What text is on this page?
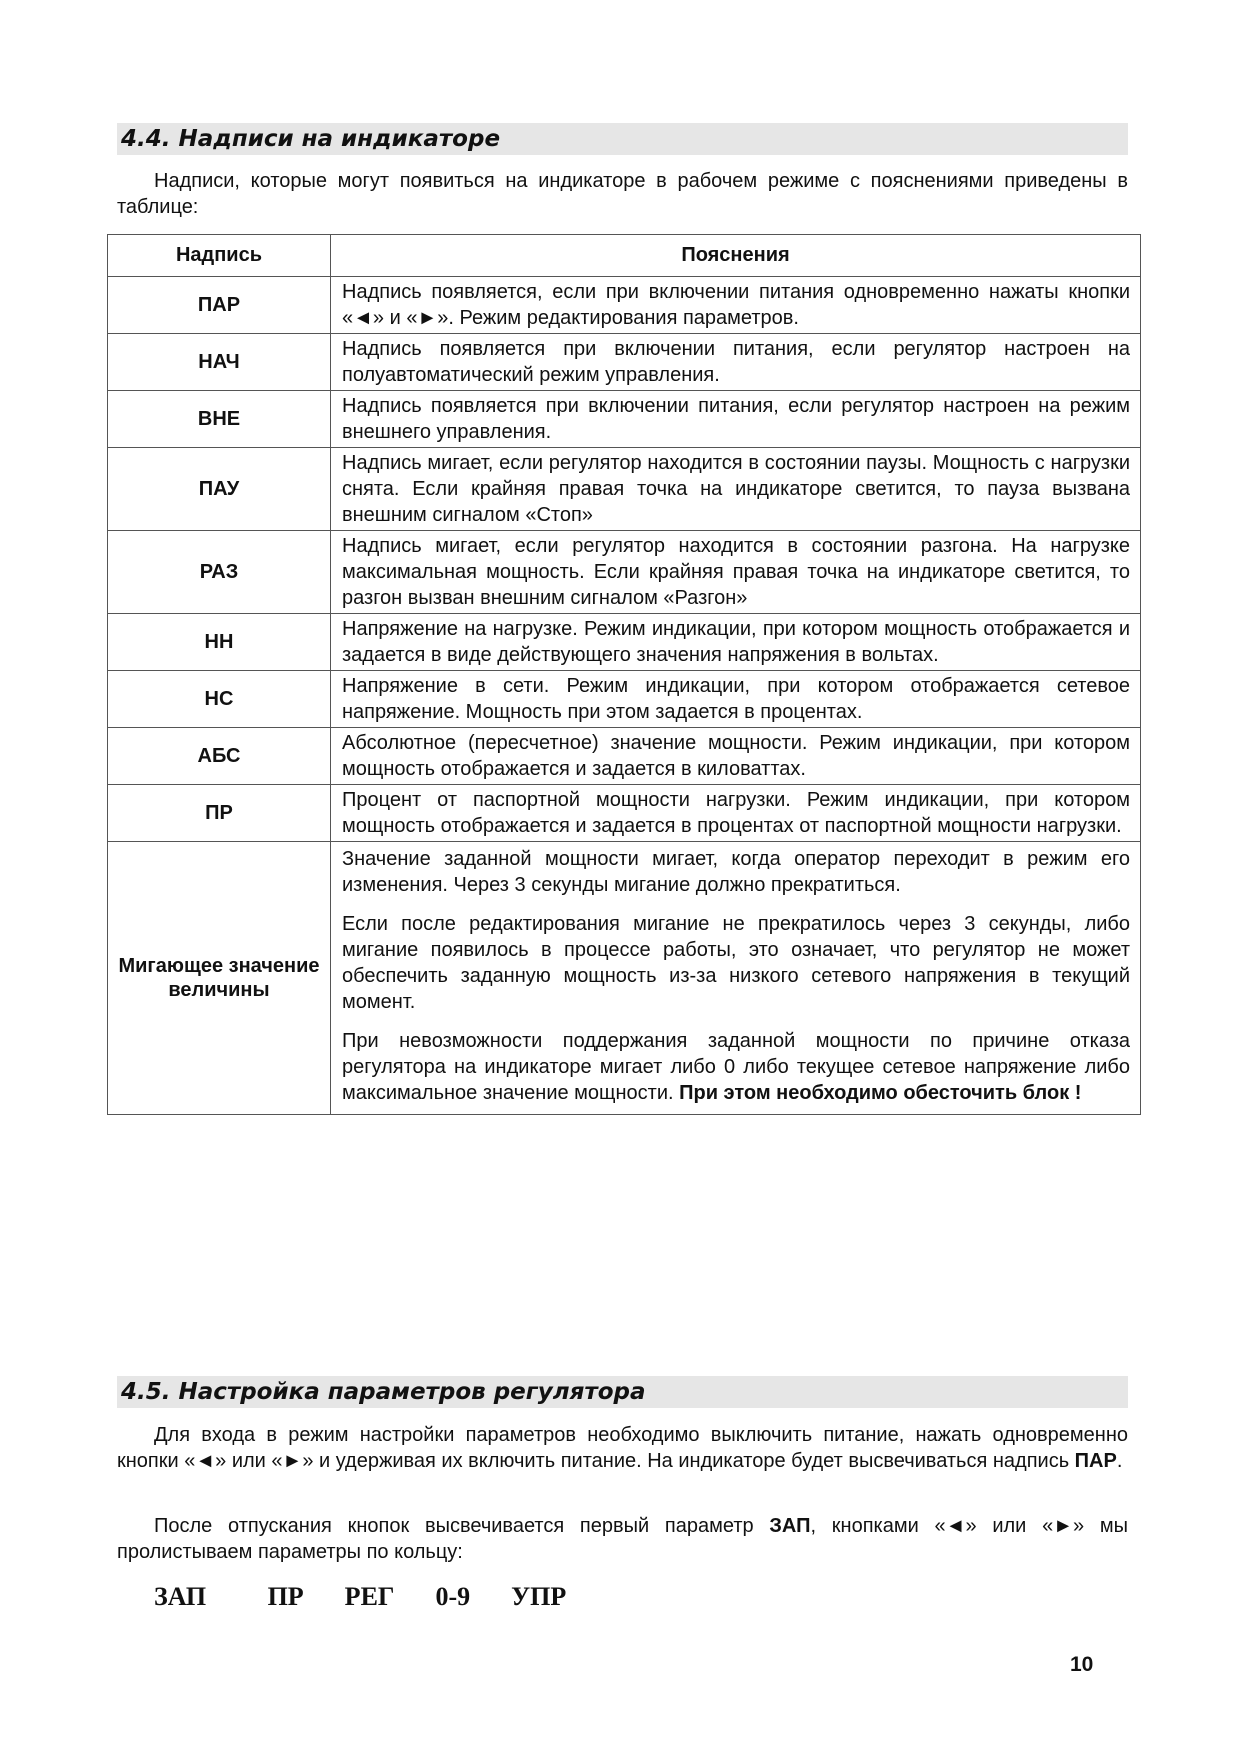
4.4. Надписи на индикаторе

Надписи, которые могут появиться на индикаторе в рабочем режиме с пояснениями приведены в таблице:

Надпись	Пояснения
ПАР	Надпись появляется, если при включении питания одновременно нажаты кнопки «◄» и «►». Режим редактирования параметров.

НАЧ	Надпись появляется при включении питания, если регулятор настроен на полуавтоматический режим управления.

ВНЕ	Надпись появляется при включении питания, если регулятор настроен на режим внешнего управления.

ПАУ	Надпись мигает, если регулятор находится в состоянии паузы. Мощность с нагрузки снята. Если крайняя правая точка на индикаторе светится, то пауза вызвана внешним сигналом «Стоп»

РАЗ	Надпись мигает, если регулятор находится в состоянии разгона. На нагрузке максимальная мощность. Если крайняя правая точка на индикаторе светится, то разгон вызван внешним сигналом «Разгон»

НН	Напряжение на нагрузке. Режим индикации, при котором мощность отображается и задается в виде действующего значения напряжения в вольтах.

НС	Напряжение в сети. Режим индикации, при котором отображается сетевое напряжение. Мощность при этом задается в процентах.

АБС	Абсолютное (пересчетное) значение мощности. Режим индикации, при котором мощность отображается и задается в киловаттах.

ПР	Процент от паспортной мощности нагрузки. Режим индикации, при котором мощность отображается и задается в процентах от паспортной мощности нагрузки.

Мигающее значение величины	Значение заданной мощности мигает, когда оператор переходит в режим его изменения. Через 3 секунды мигание должно прекратиться.

Если после редактирования мигание не прекратилось через 3 секунды, либо мигание появилось в процессе работы, это означает, что регулятор не может обеспечить заданную мощность из-за низкого сетевого напряжения в текущий момент.

При невозможности поддержания заданной мощности по причине отказа регулятора на индикаторе мигает либо 0 либо текущее сетевое напряжение либо максимальное значение мощности. При этом необходимо обесточить блок !

4.5. Настройка параметров регулятора

Для входа в режим настройки параметров необходимо выключить питание, нажать одновременно кнопки «◄» или «►» и удерживая их включить питание. На индикаторе будет высвечиваться надпись ПАР.

После отпускания кнопок высвечивается первый параметр ЗАП, кнопками «◄» или «►» мы пролистываем параметры по кольцу:

ЗАП   ПР  РЕГ  0-9  УПР
10
